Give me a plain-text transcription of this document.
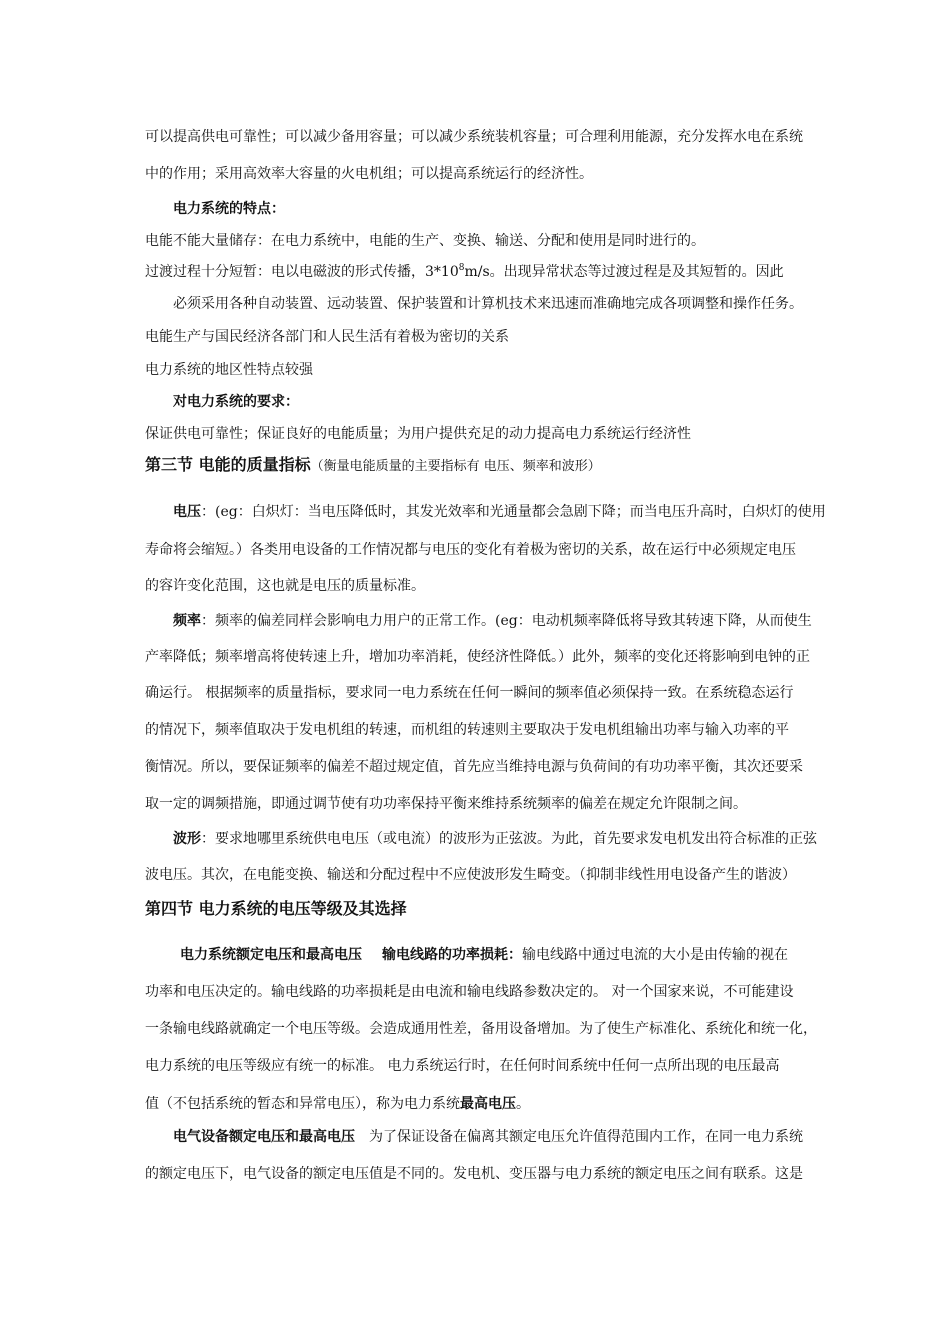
可以提高供电可靠性；可以减少备用容量；可以减少系统装机容量；可合理利用能源，充分发挥水电在系统
中的作用；采用高效率大容量的火电机组；可以提高系统运行的经济性。
电力系统的特点：
电能不能大量储存：在电力系统中，电能的生产、变换、输送、分配和使用是同时进行的。
过渡过程十分短暂：电以电磁波的形式传播，$3*10^8m/s$。出现异常状态等过渡过程是及其短暂的。因此
必须采用各种自动装置、远动装置、保护装置和计算机技术来迅速而准确地完成各项调整和操作任务。
电能生产与国民经济各部门和人民生活有着极为密切的关系
电力系统的地区性特点较强
对电力系统的要求：
保证供电可靠性；保证良好的电能质量；为用户提供充足的动力提高电力系统运行经济性
第三节 电能的质量指标（衡量电能质量的主要指标有 电压、频率和波形）
电压：(eg：白炽灯：当电压降低时，其发光效率和光通量都会急剧下降；而当电压升高时，白炽灯的使用
寿命将会缩短。）各类用电设备的工作情况都与电压的变化有着极为密切的关系，故在运行中必须规定电压
的容许变化范围，这也就是电压的质量标准。
频率：频率的偏差同样会影响电力用户的正常工作。(eg：电动机频率降低将导致其转速下降，从而使生
产率降低；频率增高将使转速上升，增加功率消耗，使经济性降低。）此外，频率的变化还将影响到电钟的正
确运行。 根据频率的质量指标，要求同一电力系统在任何一瞬间的频率值必须保持一致。在系统稳态运行
的情况下，频率值取决于发电机组的转速，而机组的转速则主要取决于发电机组输出功率与输入功率的平
衡情况。所以，要保证频率的偏差不超过规定值，首先应当维持电源与负荷间的有功功率平衡，其次还要采
取一定的调频措施，即通过调节使有功功率保持平衡来维持系统频率的偏差在规定允许限制之间。
波形：要求地哪里系统供电电压（或电流）的波形为正弦波。为此，首先要求发电机发出符合标准的正弦
波电压。其次，在电能变换、输送和分配过程中不应使波形发生畸变。（抑制非线性用电设备产生的谐波）
第四节 电力系统的电压等级及其选择
电力系统额定电压和最高电压 输电线路的功率损耗：输电线路中通过电流的大小是由传输的视在
功率和电压决定的。输电线路的功率损耗是由电流和输电线路参数决定的。 对一个国家来说，不可能建设
一条输电线路就确定一个电压等级。会造成通用性差，备用设备增加。为了使生产标准化、系统化和统一化，
电力系统的电压等级应有统一的标准。 电力系统运行时，在任何时间系统中任何一点所出现的电压最高
值（不包括系统的暂态和异常电压），称为电力系统最高电压。
电气设备额定电压和最高电压 为了保证设备在偏离其额定电压允许值得范围内工作，在同一电力系统
的额定电压下，电气设备的额定电压值是不同的。发电机、变压器与电力系统的额定电压之间有联系。这是
